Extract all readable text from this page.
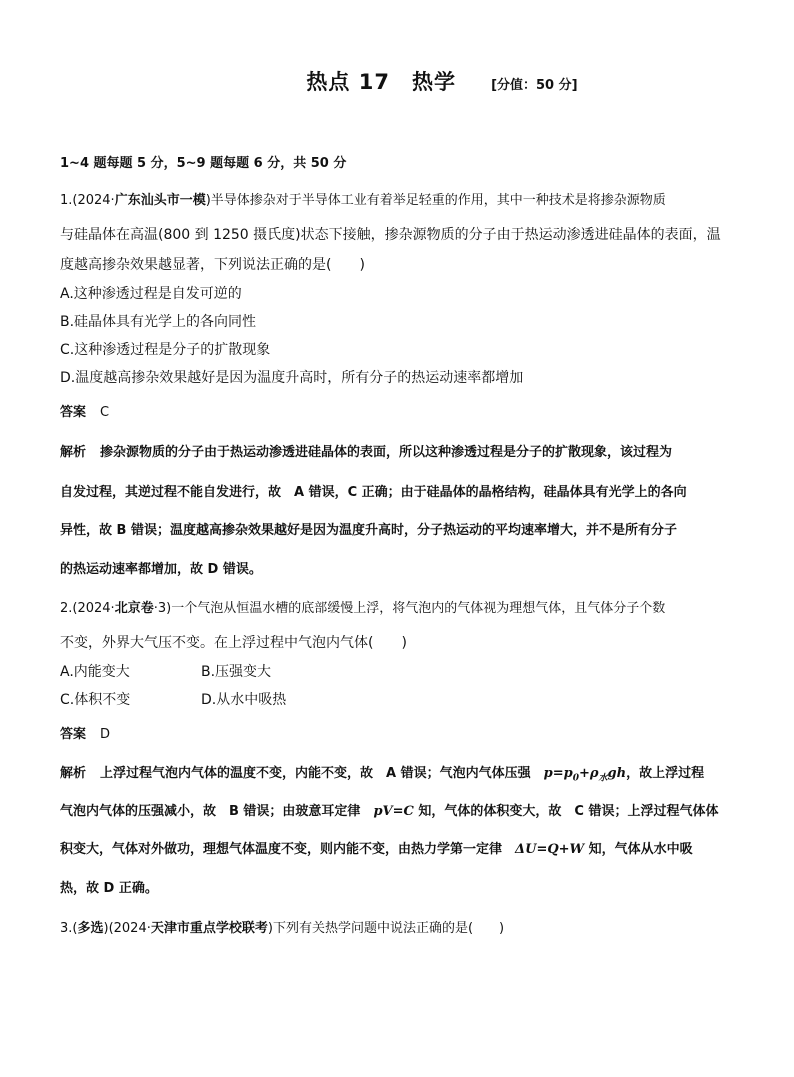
热点 17　热学	[分值：50 分]
1~4 题每题 5 分，5~9 题每题 6 分，共 50 分
1.(2024·广东汕头市一模)半导体掺杂对于半导体工业有着举足轻重的作用，其中一种技术是将掺杂源物质
与硅晶体在高温(800 到 1250 摄氏度)状态下接触，掺杂源物质的分子由于热运动渗透进硅晶体的表面，温
度越高掺杂效果越显著，下列说法正确的是(　　)
A.这种渗透过程是自发可逆的
B.硅晶体具有光学上的各向同性
C.这种渗透过程是分子的扩散现象
D.温度越高掺杂效果越好是因为温度升高时，所有分子的热运动速率都增加
答案 C
解析 掺杂源物质的分子由于热运动渗透进硅晶体的表面，所以这种渗透过程是分子的扩散现象，该过程为
自发过程，其逆过程不能自发进行，故　A 错误，C 正确；由于硅晶体的晶格结构，硅晶体具有光学上的各向
异性，故 B 错误；温度越高掺杂效果越好是因为温度升高时，分子热运动的平均速率增大，并不是所有分子
的热运动速率都增加，故 D 错误。
2.(2024·北京卷·3)一个气泡从恒温水槽的底部缓慢上浮，将气泡内的气体视为理想气体，且气体分子个数
不变，外界大气压不变。在上浮过程中气泡内气体(　　)
A.内能变大	B.压强变大
C.体积不变	D.从水中吸热
答案 D
解析 上浮过程气泡内气体的温度不变，内能不变，故　A 错误；气泡内气体压强　$p=p_0+\rho_水gh$，故上浮过程
气泡内气体的压强减小，故　B 错误；由玻意耳定律　pV=C 知，气体的体积变大，故　C 错误；上浮过程气体体
积变大，气体对外做功，理想气体温度不变，则内能不变，由热力学第一定律　ΔU=Q+W 知，气体从水中吸
热，故 D 正确。
3.(多选)(2024·天津市重点学校联考)下列有关热学问题中说法正确的是(　　)
